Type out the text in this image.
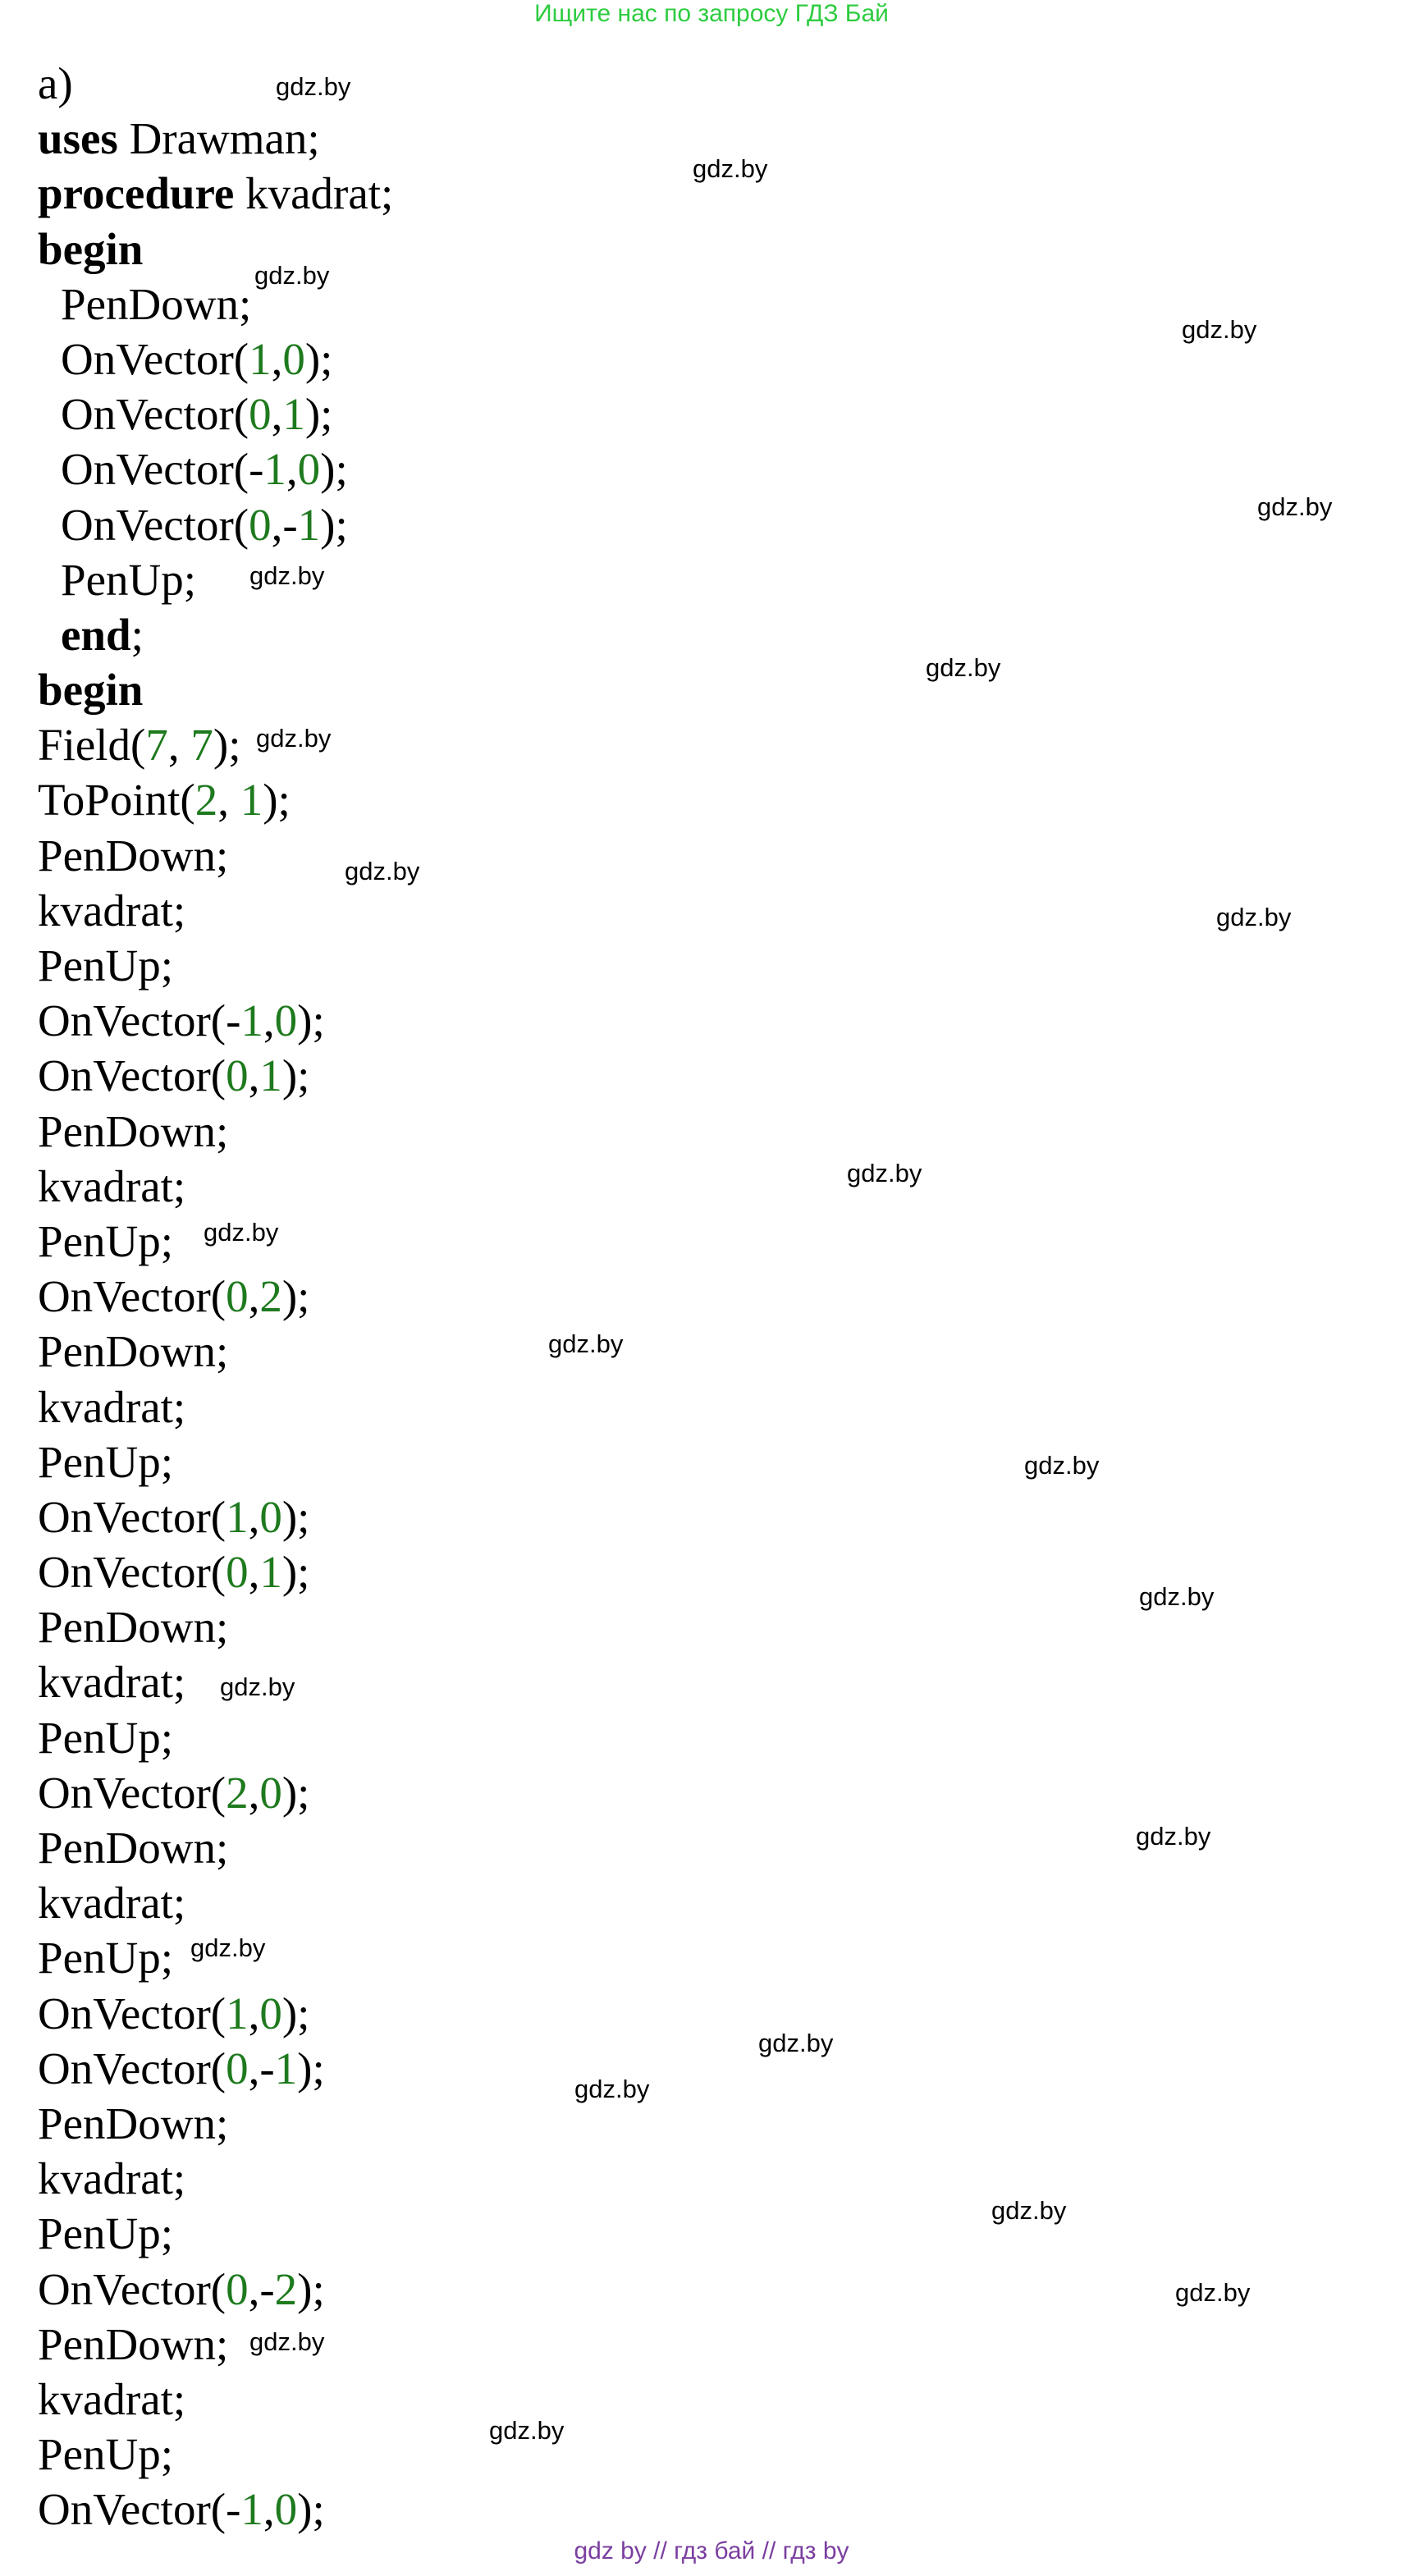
Ищите нас по запросу ГДЗ Бай
а)
uses Drawman;
procedure kvadrat;
begin
PenDown;
OnVector(1,0);
OnVector(0,1);
OnVector(-1,0);
OnVector(0,-1);
PenUp;
end;
begin
Field(7, 7);
ToPoint(2, 1);
PenDown;
kvadrat;
PenUp;
OnVector(-1,0);
OnVector(0,1);
PenDown;
kvadrat;
PenUp;
OnVector(0,2);
PenDown;
kvadrat;
PenUp;
OnVector(1,0);
OnVector(0,1);
PenDown;
kvadrat;
PenUp;
OnVector(2,0);
PenDown;
kvadrat;
PenUp;
OnVector(1,0);
OnVector(0,-1);
PenDown;
kvadrat;
PenUp;
OnVector(0,-2);
PenDown;
kvadrat;
PenUp;
OnVector(-1,0);
gdz.by
gdz.by
gdz.by
gdz.by
gdz.by
gdz.by
gdz.by
gdz.by
gdz.by
gdz.by
gdz.by
gdz.by
gdz.by
gdz.by
gdz.by
gdz.by
gdz.by
gdz.by
gdz.by
gdz.by
gdz.by
gdz.by
gdz.by
gdz.by
gdz by // гдз бай // гдз by
